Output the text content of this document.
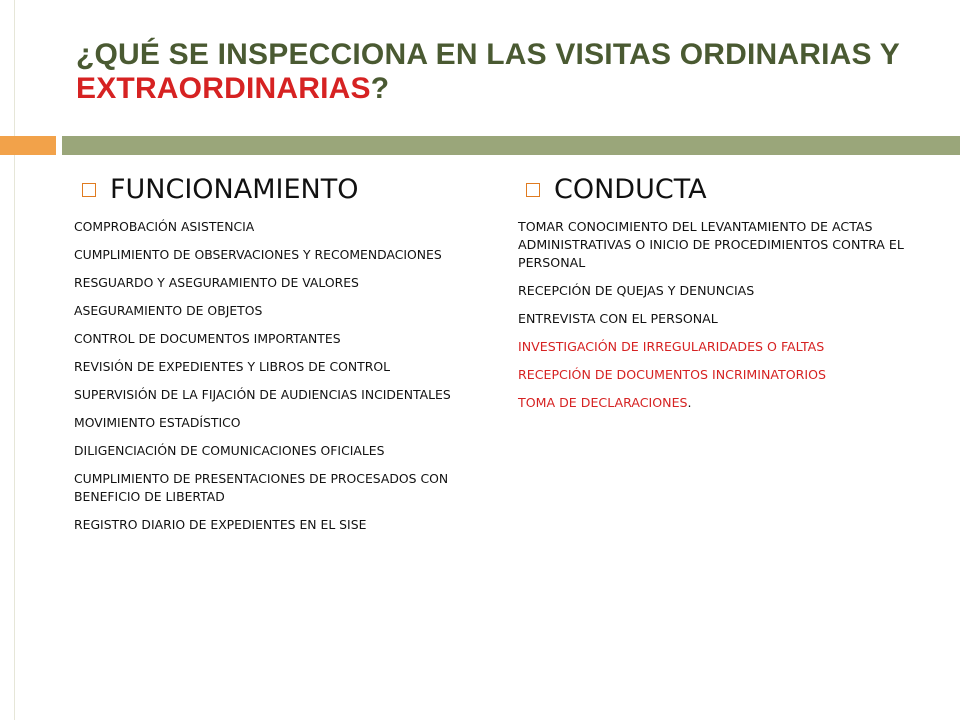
¿QUÉ SE INSPECCIONA EN LAS VISITAS ORDINARIAS Y EXTRAORDINARIAS?
FUNCIONAMIENTO
COMPROBACIÓN ASISTENCIA
CUMPLIMIENTO DE OBSERVACIONES Y RECOMENDACIONES
RESGUARDO Y ASEGURAMIENTO DE VALORES
ASEGURAMIENTO DE OBJETOS
CONTROL DE DOCUMENTOS IMPORTANTES
REVISIÓN DE EXPEDIENTES Y LIBROS DE CONTROL
SUPERVISIÓN DE LA FIJACIÓN DE AUDIENCIAS INCIDENTALES
MOVIMIENTO ESTADÍSTICO
DILIGENCIACIÓN DE COMUNICACIONES OFICIALES
CUMPLIMIENTO DE PRESENTACIONES DE PROCESADOS CON BENEFICIO DE LIBERTAD
REGISTRO DIARIO DE EXPEDIENTES EN EL SISE
CONDUCTA
TOMAR CONOCIMIENTO DEL LEVANTAMIENTO DE ACTAS ADMINISTRATIVAS O INICIO DE PROCEDIMIENTOS CONTRA EL PERSONAL
RECEPCIÓN DE QUEJAS Y DENUNCIAS
ENTREVISTA CON EL PERSONAL
INVESTIGACIÓN DE IRREGULARIDADES O FALTAS
RECEPCIÓN DE DOCUMENTOS INCRIMINATORIOS
TOMA DE DECLARACIONES.
